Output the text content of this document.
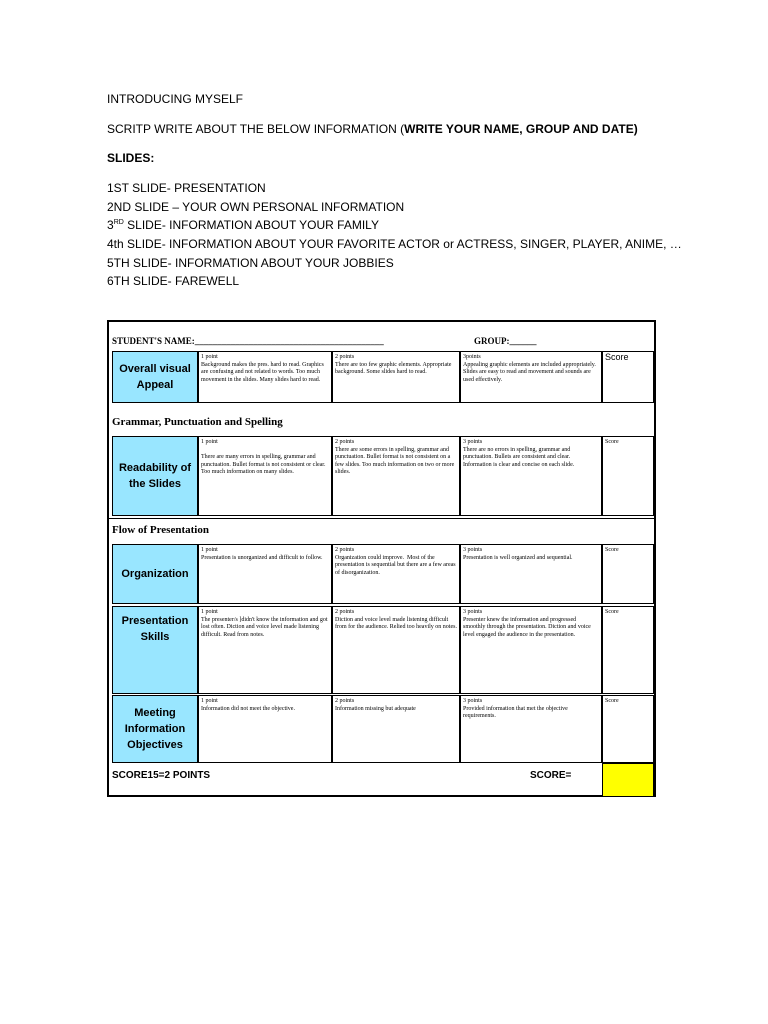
INTRODUCING MYSELF
SCRITP WRITE ABOUT THE BELOW INFORMATION (WRITE YOUR NAME, GROUP AND DATE)
SLIDES:
1ST SLIDE- PRESENTATION
2ND SLIDE – YOUR OWN PERSONAL INFORMATION
3RD SLIDE- INFORMATION ABOUT YOUR FAMILY
4th SLIDE- INFORMATION ABOUT YOUR FAVORITE ACTOR or ACTRESS, SINGER, PLAYER, ANIME, …
5TH SLIDE- INFORMATION ABOUT YOUR JOBBIES
6TH SLIDE- FAREWELL
STUDENT'S NAME:__________________________________________	GROUP:______
Overall visual Appeal
1 point
Background makes the pres. hard to read. Graphics are confusing and not related to words. Too much movement in the slides. Many slides hard to read.
2 points
There are too few graphic elements. Appropriate background. Some slides hard to read.
3points
Appealing graphic elements are included appropriately. Slides are easy to read and movement and sounds are used effectively.
Score
Grammar, Punctuation and Spelling
Readability of the Slides
1 point

There are many errors in spelling, grammar and punctuation. Bullet format is not consistent or clear. Too much information on many slides.
2 points
There are some errors in spelling, grammar and punctuation. Bullet format is not consistent on a few slides. Too much information on two or more slides.
3 points
There are no errors in spelling, grammar and punctuation. Bullets are consistent and clear. Information is clear and concise on each slide.
Score
Flow of Presentation
Organization
1 point
Presentation is unorganized and difficult to follow.
2 points
Organization could improve.  Most of the presentation is sequential but there are a few areas of disorganization.
3 points
Presentation is well organized and sequential.
Score
Presentation Skills
1 point
The presenter/s ]didn't know the information and got lost often. Diction and voice level made listening difficult. Read from notes.
2 points
Diction and voice level made listening difficult from for the audience. Relied too heavily on notes.
3 points
Presenter knew the information and progressed smoothly through the presentation. Diction and voice level engaged the audience in the presentation.
Score
Meeting Information Objectives
1 point
Information did not meet the objective.
2 points
Information missing but adequate
3 points
Provided information that met the objective requirements.
Score
SCORE15=2 POINTS	SCORE=
